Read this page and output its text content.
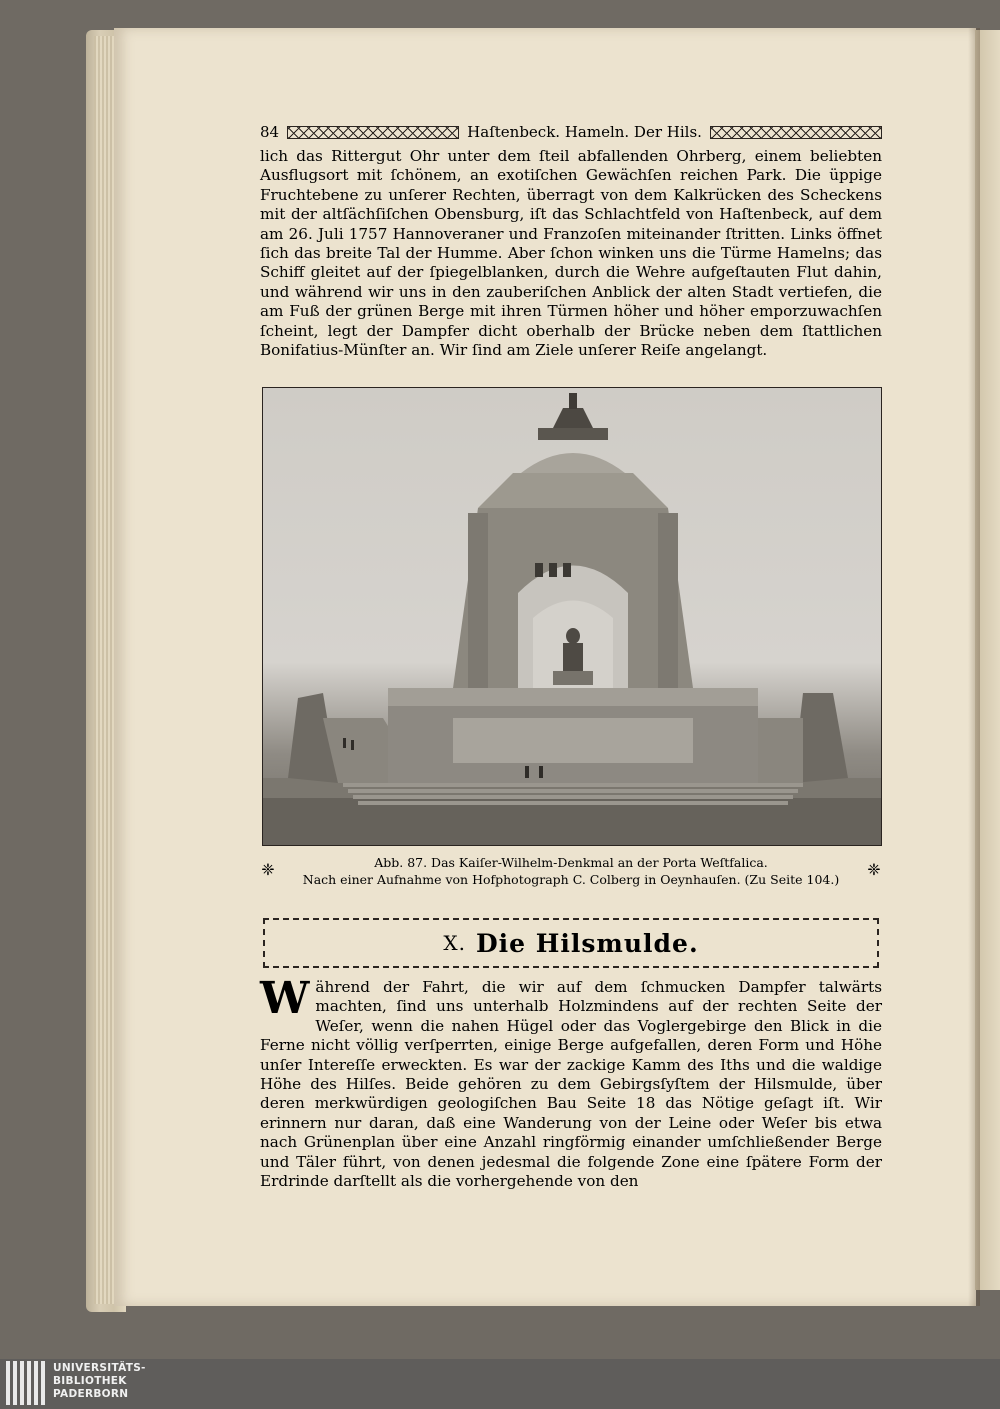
84	Haſtenbeck. Hameln. Der Hils.
lich das Rittergut Ohr unter dem ſteil abfallenden Ohrberg, einem beliebten Ausflugsort mit ſchönem, an exotiſchen Gewächſen reichen Park. Die üppige Fruchtebene zu unſerer Rechten, überragt von dem Kalkrücken des Scheckens mit der altſächſiſchen Obensburg, iſt das Schlachtfeld von Haſtenbeck, auf dem am 26. Juli 1757 Hannoveraner und Franzoſen miteinander ſtritten. Links öffnet ſich das breite Tal der Humme. Aber ſchon winken uns die Türme Hamelns; das Schiff gleitet auf der ſpiegelblanken, durch die Wehre aufgeſtauten Flut dahin, und während wir uns in den zauberiſchen Anblick der alten Stadt vertiefen, die am Fuß der grünen Berge mit ihren Türmen höher und höher emporzuwachſen ſcheint, legt der Dampfer dicht oberhalb der Brücke neben dem ſtattlichen Bonifatius-Münſter an. Wir ſind am Ziele unſerer Reiſe angelangt.
❈	❈
Abb. 87. Das Kaiſer-Wilhelm-Denkmal an der Porta Weſtfalica.
Nach einer Aufnahme von Hofphotograph C. Colberg in Oeynhauſen. (Zu Seite 104.)
X. Die Hilsmulde.
Während der Fahrt, die wir auf dem ſchmucken Dampfer talwärts machten, ſind uns unterhalb Holzmindens auf der rechten Seite der Weſer, wenn die nahen Hügel oder das Voglergebirge den Blick in die Ferne nicht völlig verſperrten, einige Berge aufgefallen, deren Form und Höhe unſer Intereſſe erweckten. Es war der zackige Kamm des Iths und die waldige Höhe des Hilſes. Beide gehören zu dem Gebirgsſyſtem der Hilsmulde, über deren merkwürdigen geologiſchen Bau Seite 18 das Nötige geſagt iſt. Wir erinnern nur daran, daß eine Wanderung von der Leine oder Weſer bis etwa nach Grünenplan über eine Anzahl ringförmig einander umſchließender Berge und Täler führt, von denen jedesmal die folgende Zone eine ſpätere Form der Erdrinde darſtellt als die vorhergehende von den
UNIVERSITÄTS-
BIBLIOTHEK
PADERBORN
